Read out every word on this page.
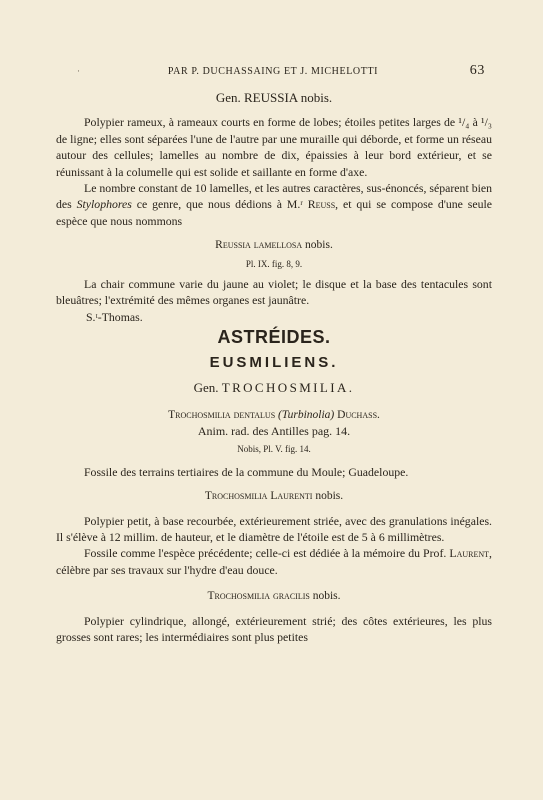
·	PAR P. DUCHASSAING ET J. MICHELOTTI	63

Gen. REUSSIA nobis.

Polypier rameux, à rameaux courts en forme de lobes; étoiles petites larges de ¹/₄ à ¹/₃ de ligne; elles sont séparées l'une de l'autre par une muraille qui déborde, et forme un réseau autour des cellules; lamelles au nombre de dix, épaissies à leur bord extérieur, et se réunissant à la columelle qui est solide et saillante en forme d'axe.

Le nombre constant de 10 lamelles, et les autres caractères, sus-énoncés, séparent bien des Stylophores ce genre, que nous dédions à M.ʳ Reuss, et qui se compose d'une seule espèce que nous nommons

Reussia lamellosa nobis.

Pl. IX. fig. 8, 9.

La chair commune varie du jaune au violet; le disque et la base des tentacules sont bleuâtres; l'extrémité des mêmes organes est jaunâtre.

S.ᵗ-Thomas.

ASTRÉIDES.
EUSMILIENS.

Gen. TROCHOSMILIA.

Trochosmilia dentalus (Turbinolia) Duchass.

Anim. rad. des Antilles pag. 14.

Nobis, Pl. V. fig. 14.

Fossile des terrains tertiaires de la commune du Moule; Guadeloupe.

Trochosmilia Laurenti nobis.

Polypier petit, à base recourbée, extérieurement striée, avec des granulations inégales. Il s'élève à 12 millim. de hauteur, et le diamètre de l'étoile est de 5 à 6 millimètres.

Fossile comme l'espèce précédente; celle-ci est dédiée à la mémoire du Prof. Laurent, célèbre par ses travaux sur l'hydre d'eau douce.

Trochosmilia gracilis nobis.

Polypier cylindrique, allongé, extérieurement strié; des côtes extérieures, les plus grosses sont rares; les intermédiaires sont plus petites
